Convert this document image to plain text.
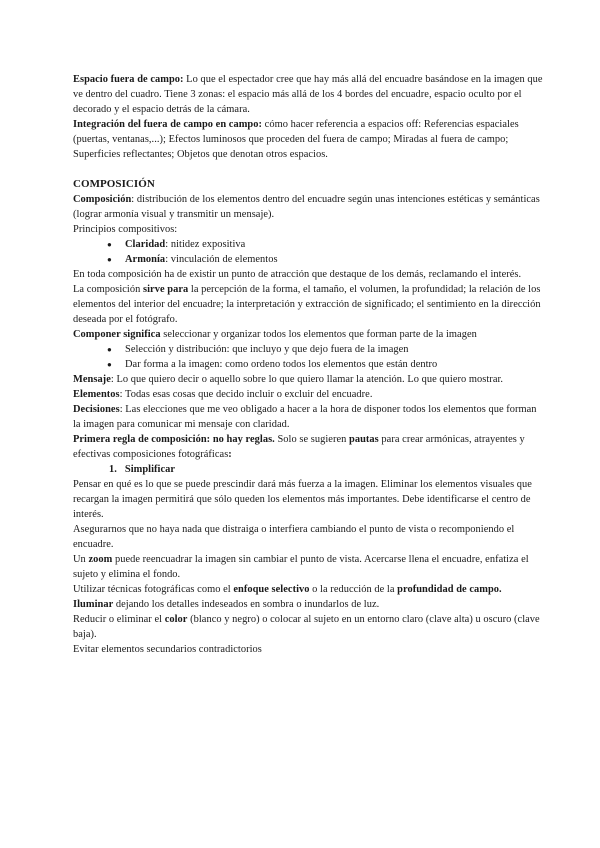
Espacio fuera de campo: Lo que el espectador cree que hay más allá del encuadre basándose en la imagen que ve dentro del cuadro. Tiene 3 zonas: el espacio más allá de los 4 bordes del encuadre, espacio oculto por el decorado y el espacio detrás de la cámara.

Integración del fuera de campo en campo: cómo hacer referencia a espacios off: Referencias espaciales (puertas, ventanas,...); Efectos luminosos que proceden del fuera de campo; Miradas al fuera de campo; Superficies reflectantes; Objetos que denotan otros espacios.

COMPOSICIÓN

Composición: distribución de los elementos dentro del encuadre según unas intenciones estéticas y semánticas (lograr armonía visual y transmitir un mensaje).

Principios compositivos:

● Claridad: nitidez expositiva
● Armonía: vinculación de elementos

En toda composición ha de existir un punto de atracción que destaque de los demás, reclamando el interés.

La composición sirve para la percepción de la forma, el tamaño, el volumen, la profundidad; la relación de los elementos del interior del encuadre; la interpretación y extracción de significado; el sentimiento en la dirección deseada por el fotógrafo.

Componer significa seleccionar y organizar todos los elementos que forman parte de la imagen

● Selección y distribución: que incluyo y que dejo fuera de la imagen
● Dar forma a la imagen: como ordeno todos los elementos que están dentro

Mensaje: Lo que quiero decir o aquello sobre lo que quiero llamar la atención. Lo que quiero mostrar.

Elementos: Todas esas cosas que decido incluir o excluir del encuadre.

Decisiones: Las elecciones que me veo obligado a hacer a la hora de disponer todos los elementos que forman la imagen para comunicar mi mensaje con claridad.

Primera regla de composición: no hay reglas. Solo se sugieren pautas para crear armónicas, atrayentes y efectivas composiciones fotográficas:

1. Simplificar

Pensar en qué es lo que se puede prescindir dará más fuerza a la imagen. Eliminar los elementos visuales que recargan la imagen permitirá que sólo queden los elementos más importantes. Debe identificarse el centro de interés.

Asegurarnos que no haya nada que distraiga o interfiera cambiando el punto de vista o recomponiendo el encuadre.

Un zoom puede reencuadrar la imagen sin cambiar el punto de vista. Acercarse llena el encuadre, enfatiza el sujeto y elimina el fondo.

Utilizar técnicas fotográficas como el enfoque selectivo o la reducción de la profundidad de campo.

Iluminar dejando los detalles indeseados en sombra o inundarlos de luz.

Reducir o eliminar el color (blanco y negro) o colocar al sujeto en un entorno claro (clave alta) u oscuro (clave baja).

Evitar elementos secundarios contradictorios
